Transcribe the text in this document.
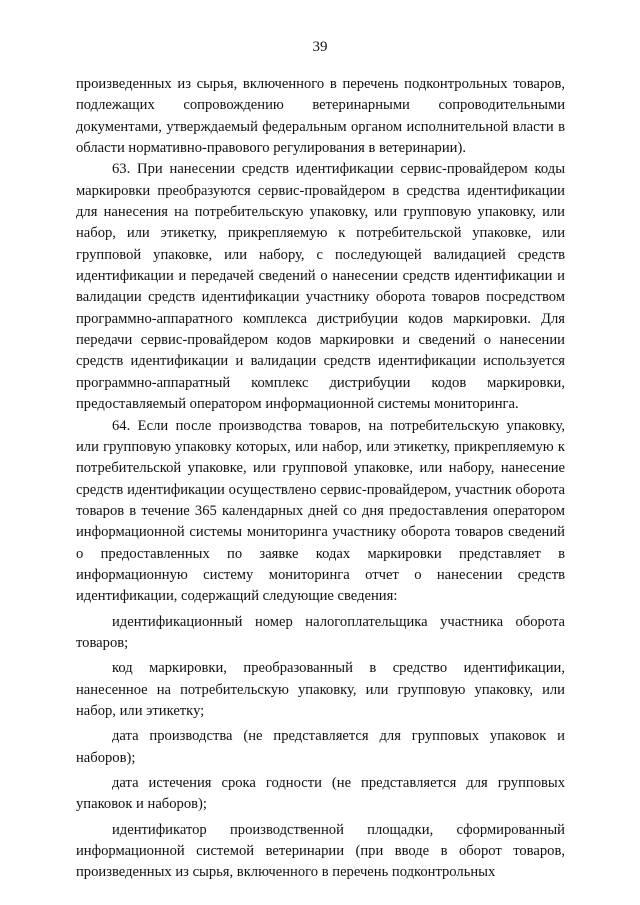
39

произведенных из сырья, включенного в перечень подконтрольных товаров, подлежащих сопровождению ветеринарными сопроводительными документами, утверждаемый федеральным органом исполнительной власти в области нормативно-правового регулирования в ветеринарии).

63. При нанесении средств идентификации сервис-провайдером коды маркировки преобразуются сервис-провайдером в средства идентификации для нанесения на потребительскую упаковку, или групповую упаковку, или набор, или этикетку, прикрепляемую к потребительской упаковке, или групповой упаковке, или набору, с последующей валидацией средств идентификации и передачей сведений о нанесении средств идентификации и валидации средств идентификации участнику оборота товаров посредством программно-аппаратного комплекса дистрибуции кодов маркировки. Для передачи сервис-провайдером кодов маркировки и сведений о нанесении средств идентификации и валидации средств идентификации используется программно-аппаратный комплекс дистрибуции кодов маркировки, предоставляемый оператором информационной системы мониторинга.

64. Если после производства товаров, на потребительскую упаковку, или групповую упаковку которых, или набор, или этикетку, прикрепляемую к потребительской упаковке, или групповой упаковке, или набору, нанесение средств идентификации осуществлено сервис-провайдером, участник оборота товаров в течение 365 календарных дней со дня предоставления оператором информационной системы мониторинга участнику оборота товаров сведений о предоставленных по заявке кодах маркировки представляет в информационную систему мониторинга отчет о нанесении средств идентификации, содержащий следующие сведения:

идентификационный номер налогоплательщика участника оборота товаров;

код маркировки, преобразованный в средство идентификации, нанесенное на потребительскую упаковку, или групповую упаковку, или набор, или этикетку;

дата производства (не представляется для групповых упаковок и наборов);

дата истечения срока годности (не представляется для групповых упаковок и наборов);

идентификатор производственной площадки, сформированный информационной системой ветеринарии (при вводе в оборот товаров, произведенных из сырья, включенного в перечень подконтрольных
